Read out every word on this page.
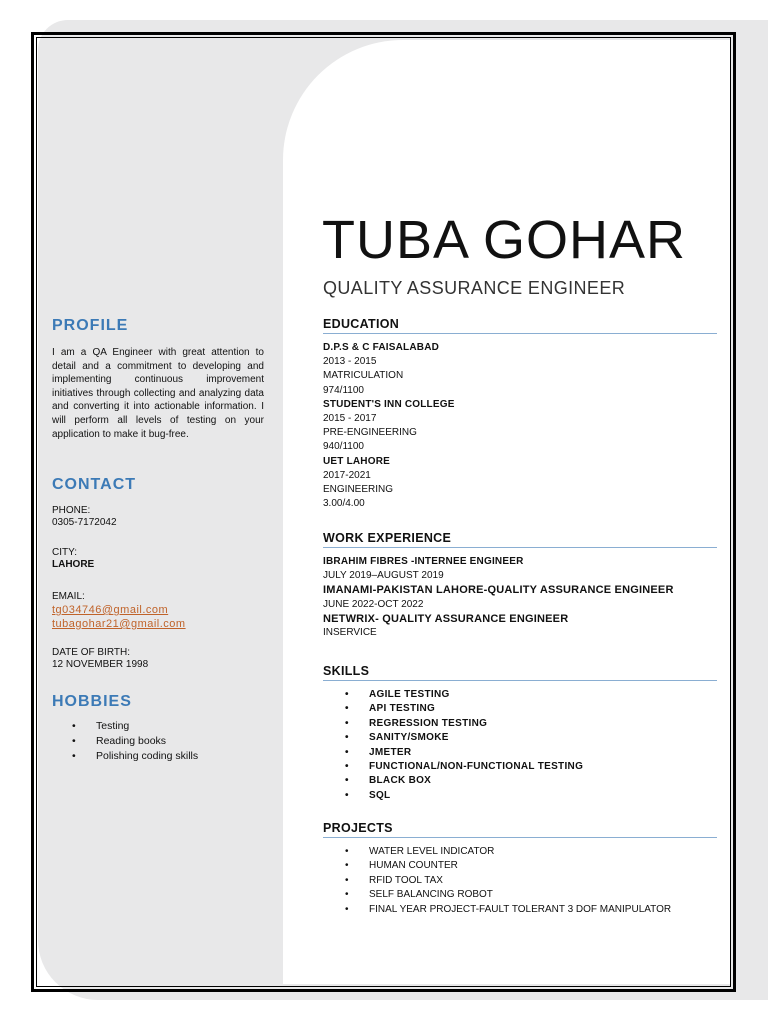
PROFILE
I am a QA Engineer with great attention to detail and a commitment to developing and implementing continuous improvement initiatives through collecting and analyzing data and converting it into actionable information. I will perform all levels of testing on your application to make it bug-free.
CONTACT
PHONE:
0305-7172042
CITY:
LAHORE
EMAIL:
tg034746@gmail.com
tubagohar21@gmail.com
DATE OF BIRTH:
12 NOVEMBER 1998
HOBBIES
• Testing
• Reading books
• Polishing coding skills
TUBA GOHAR
QUALITY ASSURANCE ENGINEER
EDUCATION
D.P.S & C FAISALABAD
2013 - 2015
MATRICULATION
974/1100
STUDENT'S INN COLLEGE
2015 - 2017
PRE-ENGINEERING
940/1100
UET LAHORE
2017-2021
ENGINEERING
3.00/4.00
WORK EXPERIENCE
IBRAHIM FIBRES -INTERNEE ENGINEER
JULY 2019–AUGUST 2019
IMANAMI-PAKISTAN LAHORE-QUALITY ASSURANCE ENGINEER
JUNE 2022-OCT 2022
NETWRIX- QUALITY ASSURANCE ENGINEER
INSERVICE
SKILLS
• AGILE TESTING
• API TESTING
• REGRESSION TESTING
• SANITY/SMOKE
• JMETER
• FUNCTIONAL/NON-FUNCTIONAL TESTING
• BLACK BOX
• SQL
PROJECTS
• WATER LEVEL INDICATOR
• HUMAN COUNTER
• RFID TOOL TAX
• SELF BALANCING ROBOT
• FINAL YEAR PROJECT-FAULT TOLERANT 3 DOF MANIPULATOR
